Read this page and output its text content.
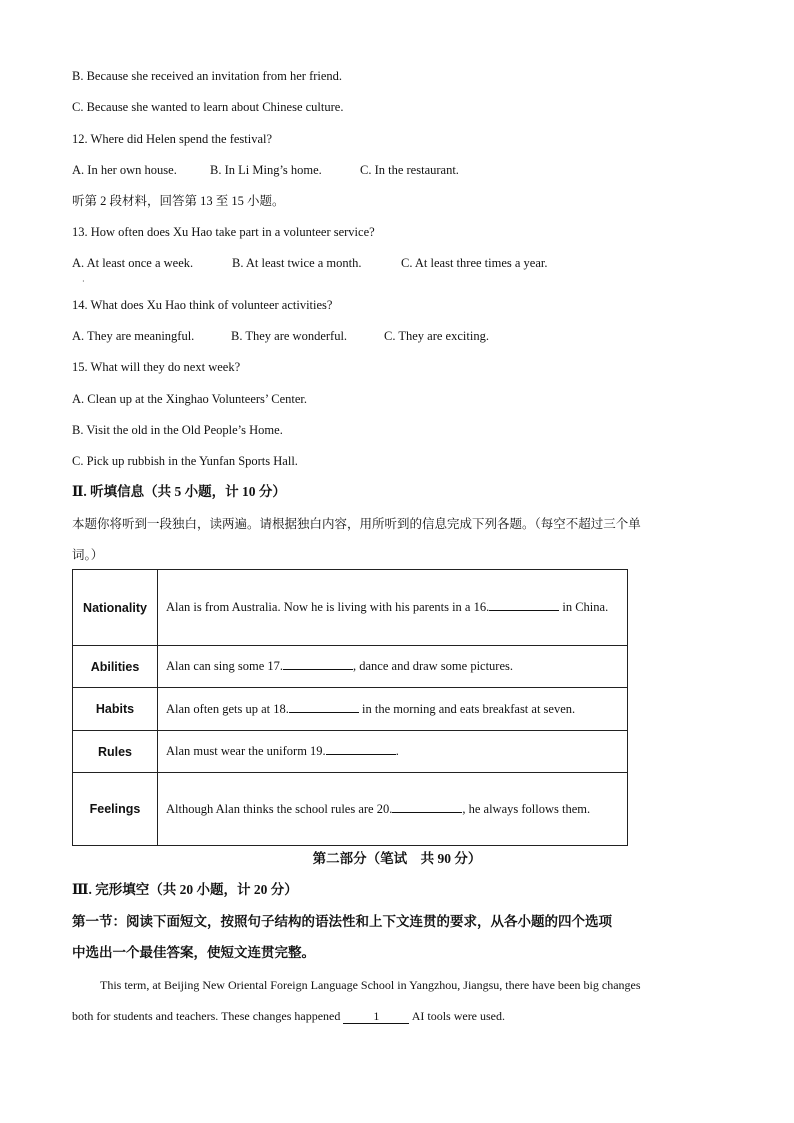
B. Because she received an invitation from her friend.

C. Because she wanted to learn about Chinese culture.

12. Where did Helen spend the festival?

A. In her own house.	B. In Li Ming’s home.	C. In the restaurant.

听第 2 段材料，回答第 13 至 15 小题。

13. How often does Xu Hao take part in a volunteer service?

A. At least once a week.	B. At least twice a month.	C. At least three times a year.

·

14. What does Xu Hao think of volunteer activities?

A. They are meaningful.	B. They are wonderful.	C. They are exciting.

15. What will they do next week?

A. Clean up at the Xinghao Volunteers’ Center.

B. Visit the old in the Old People’s Home.

C. Pick up rubbish in the Yunfan Sports Hall.

Ⅱ. 听填信息（共 5 小题，计 10 分）

本题你将听到一段独白，读两遍。请根据独白内容，用所听到的信息完成下列各题。（每空不超过三个单

词。）

Nationality	Alan is from Australia. Now he is living with his parents in a 16. in China.
Abilities	Alan can sing some 17. , dance and draw some pictures.
Habits	Alan often gets up at 18. in the morning and eats breakfast at seven.
Rules	Alan must wear the uniform 19. .
Feelings	Although Alan thinks the school rules are 20. , he always follows them.

第二部分（笔试　共 90 分）

Ⅲ. 完形填空（共 20 小题，计 20 分）

第一节：阅读下面短文，按照句子结构的语法性和上下文连贯的要求，从各小题的四个选项

中选出一个最佳答案，使短文连贯完整。

This term, at Beijing New Oriental Foreign Language School in Yangzhou, Jiangsu, there have been big changes

both for students and teachers. These changes happened	1	AI tools were used.
